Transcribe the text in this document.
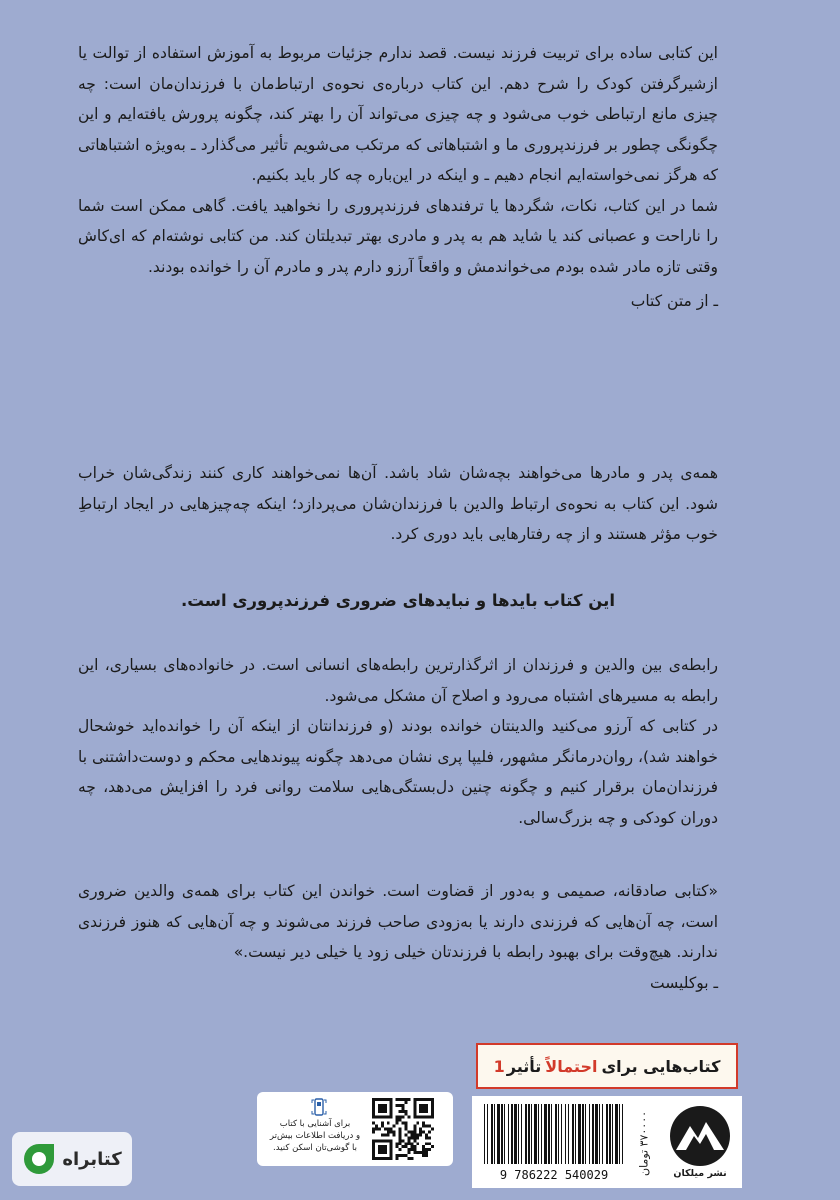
این کتابی ساده برای تربیت فرزند نیست. قصد ندارم جزئیات مربوط به آموزش استفاده از توالت یا ازشیرگرفتن کودک را شرح دهم. این کتاب درباره‌ی نحوه‌ی ارتباط‌مان با فرزندان‌مان است: چه چیزی مانع ارتباطی خوب می‌شود و چه چیزی می‌تواند آن را بهتر کند، چگونه پرورش یافته‌ایم و این چگونگی چطور بر فرزندپروری ما و اشتباهاتی که مرتکب می‌شویم تأثیر می‌گذارد ـ به‌ویژه اشتباهاتی که هرگز نمی‌خواسته‌ایم انجام دهیم ـ و اینکه در این‌باره چه کار باید بکنیم.

شما در این کتاب، نکات، شگردها یا ترفندهای فرزندپروری را نخواهید یافت. گاهی ممکن است شما را ناراحت و عصبانی کند یا شاید هم به پدر و مادری بهتر تبدیلتان کند. من کتابی نوشته‌ام که ای‌کاش وقتی تازه مادر شده بودم می‌خواندمش و واقعاً آرزو دارم پدر و مادرم آن را خوانده بودند.

ـ از متن کتاب

همه‌ی پدر و مادرها می‌خواهند بچه‌شان شاد باشد. آن‌ها نمی‌خواهند کاری کنند زندگی‌شان خراب شود. این کتاب به نحوه‌ی ارتباط والدین با فرزندان‌شان می‌پردازد؛ اینکه چه‌چیزهایی در ایجاد ارتباطِ خوب مؤثر هستند و از چه رفتارهایی باید دوری کرد.

این کتاب بایدها و نبایدهای ضروری فرزندپروری است.

رابطه‌ی بین والدین و فرزندان از اثرگذارترین رابطه‌های انسانی است. در خانواده‌های بسیاری، این رابطه به مسیرهای اشتباه می‌رود و اصلاح آن مشکل می‌شود.

در کتابی که آرزو می‌کنید والدینتان خوانده بودند (و فرزندانتان از اینکه آن را خوانده‌اید خوشحال خواهند شد)، روان‌درمانگر مشهور، فلیپا پری نشان می‌دهد چگونه پیوندهایی محکم و دوست‌داشتنی با فرزندان‌مان برقرار کنیم و چگونه چنین دل‌بستگی‌هایی سلامت روانی فرد را افزایش می‌دهد، چه دوران کودکی و چه بزرگ‌سالی.

«کتابی صادقانه، صمیمی و به‌دور از قضاوت است. خواندن این کتاب برای همه‌ی والدین ضروری است، چه آن‌هایی که فرزندی دارند یا به‌زودی صاحب فرزند می‌شوند و چه آن‌هایی که هنوز فرزندی ندارند. هیچ‌وقت برای بهبود رابطه با فرزندتان خیلی زود یا خیلی دیر نیست.»

ـ بوکلیست

کتاب‌هایی برای
احتمالاً
تأثیر
1
9 786222 540029	۳۷۰۰۰۰ تومان
نشر میلکان
برای آشنایی با کتاب
و دریافت اطلاعات بیش‌تر
با گوشی‌تان اسکن کنید.
کتابراه
